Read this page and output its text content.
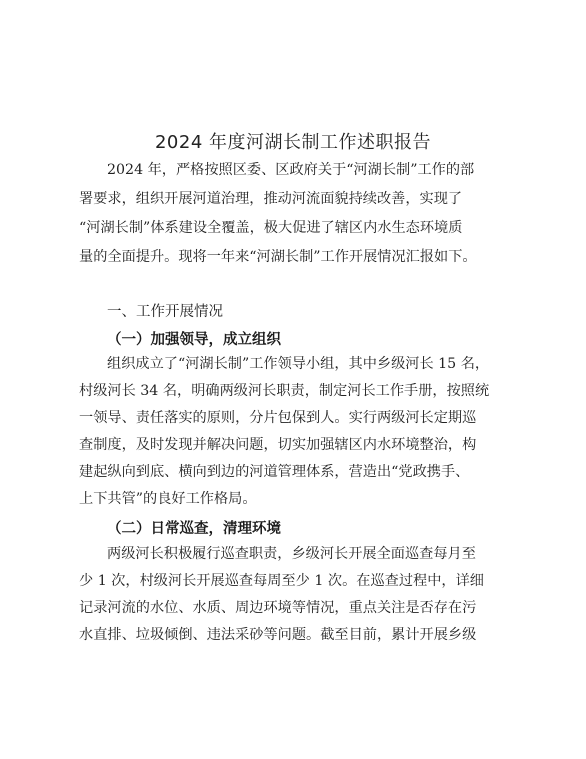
2024 年度河湖长制工作述职报告
2024 年，严格按照区委、区政府关于“河湖长制”工作的部
署要求，组织开展河道治理，推动河流面貌持续改善，实现了
“河湖长制”体系建设全覆盖，极大促进了辖区内水生态环境质
量的全面提升。现将一年来“河湖长制”工作开展情况汇报如下。
一、工作开展情况
（一）加强领导，成立组织
组织成立了“河湖长制”工作领导小组，其中乡级河长 15 名，
村级河长 34 名，明确两级河长职责，制定河长工作手册，按照统
一领导、责任落实的原则，分片包保到人。实行两级河长定期巡
查制度，及时发现并解决问题，切实加强辖区内水环境整治，构
建起纵向到底、横向到边的河道管理体系，营造出“党政携手、
上下共管”的良好工作格局。
（二）日常巡查，清理环境
两级河长积极履行巡查职责，乡级河长开展全面巡查每月至
少 1 次，村级河长开展巡查每周至少 1 次。在巡查过程中，详细
记录河流的水位、水质、周边环境等情况，重点关注是否存在污
水直排、垃圾倾倒、违法采砂等问题。截至目前，累计开展乡级
